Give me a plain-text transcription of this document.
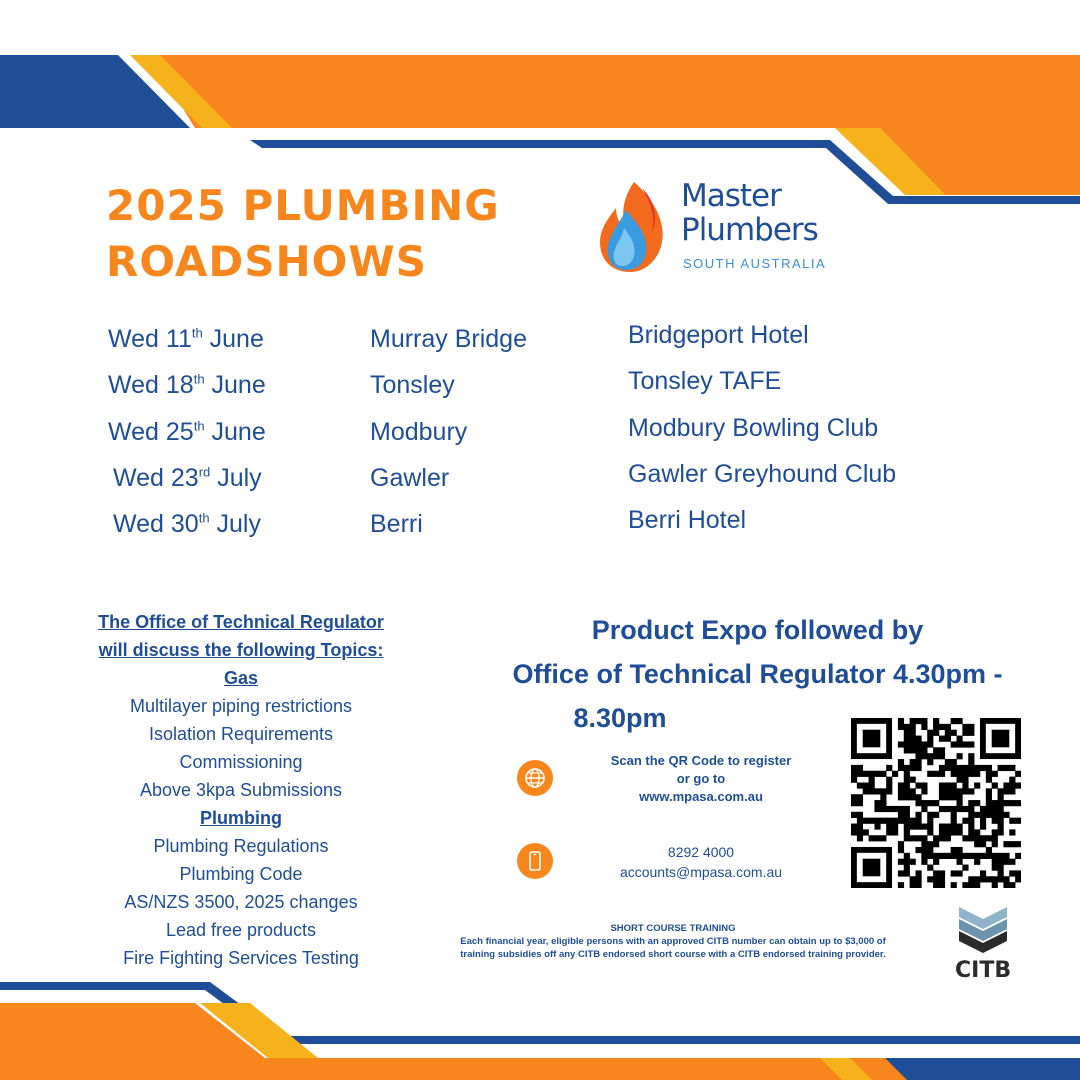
2025 PLUMBING
ROADSHOWS
Master
Plumbers
SOUTH AUSTRALIA
Wed 11th June	Murray Bridge	Bridgeport Hotel
Wed 18th June	Tonsley	Tonsley TAFE
Wed 25th June	Modbury	Modbury Bowling Club
Wed 23rd July	Gawler	Gawler Greyhound Club
Wed 30th July	Berri	Berri Hotel
The Office of Technical Regulator
will discuss the following Topics:
Gas
Multilayer piping restrictions
Isolation Requirements
Commissioning
Above 3kpa Submissions
Plumbing
Plumbing Regulations
Plumbing Code
AS/NZS 3500, 2025 changes
Lead free products
Fire Fighting Services Testing
Product Expo followed by
Office of Technical Regulator 4.30pm -
8.30pm
Scan the QR Code to register
or go to
www.mpasa.com.au
8292 4000
accounts@mpasa.com.au
SHORT COURSE TRAINING
Each financial year, eligible persons with an approved CITB number can obtain up to $3,000 of
training subsidies off any CITB endorsed short course with a CITB endorsed training provider.
CITB
